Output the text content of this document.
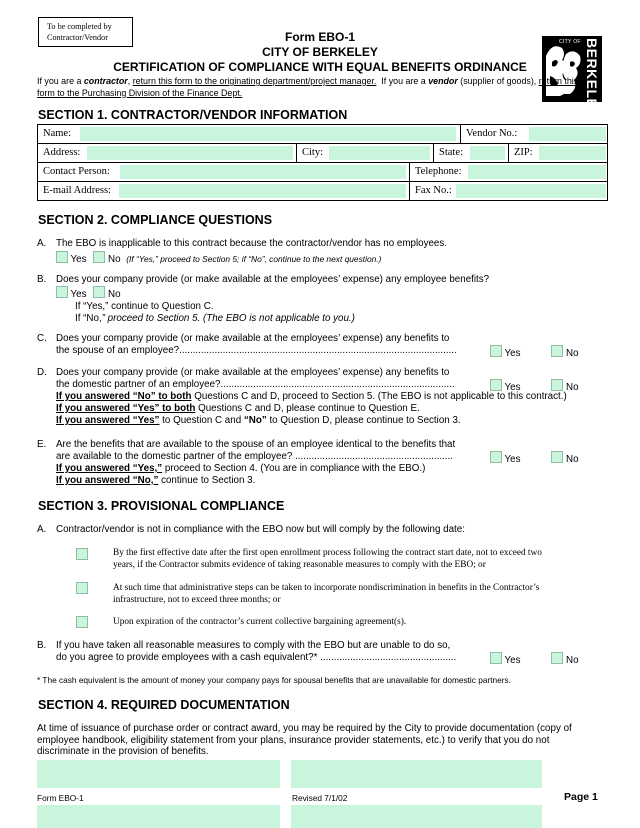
To be completed by
Contractor/Vendor	Form EBO-1
CITY OF BERKELEY
CERTIFICATION OF COMPLIANCE WITH EQUAL BENEFITS ORDINANCE
CITY OF BERKELEY
If you are a contractor, return this form to the originating department/project manager.  If you are a vendor (supplier of goods), return this form to the Purchasing Division of the Finance Dept.
SECTION 1. CONTRACTOR/VENDOR INFORMATION
Name:	Vendor No.:
Address:	City:	State:	ZIP:
Contact Person:	Telephone:
E-mail Address:	Fax No.:
SECTION 2. COMPLIANCE QUESTIONS
A. The EBO is inapplicable to this contract because the contractor/vendor has no employees.
Yes No (If “Yes,” proceed to Section 5; if “No”, continue to the next question.)
B. Does your company provide (or make available at the employees’ expense) any employee benefits?
Yes No
If “Yes,” continue to Question C.
If “No,” proceed to Section 5. (The EBO is not applicable to you.)
C. Does your company provide (or make available at the employees’ expense) any benefits to
the spouse of an employee?......................................................................................................	Yes	No
D. Does your company provide (or make available at the employees’ expense) any benefits to
the domestic partner of an employee?......................................................................................
If you answered “No” to both Questions C and D, proceed to Section 5. (The EBO is not applicable to this contract.)
If you answered “Yes” to both Questions C and D, please continue to Question E.
If you answered “Yes” to Question C and “No” to Question D, please continue to Section 3.
Yes	No
E. Are the benefits that are available to the spouse of an employee identical to the benefits that
are available to the domestic partner of the employee? ..........................................................
If you answered “Yes,” proceed to Section 4. (You are in compliance with the EBO.)
If you answered “No,” continue to Section 3.
Yes	No
SECTION 3. PROVISIONAL COMPLIANCE
A. Contractor/vendor is not in compliance with the EBO now but will comply by the following date:
By the first effective date after the first open enrollment process following the contract start date, not to exceed two
years, if the Contractor submits evidence of taking reasonable measures to comply with the EBO; or
At such time that administrative steps can be taken to incorporate nondiscrimination in benefits in the Contractor’s
infrastructure, not to exceed three months; or
Upon expiration of the contractor’s current collective bargaining agreement(s).
B. If you have taken all reasonable measures to comply with the EBO but are unable to do so,
do you agree to provide employees with a cash equivalent?* ..................................................	Yes	No
* The cash equivalent is the amount of money your company pays for spousal benefits that are unavailable for domestic partners.
SECTION 4. REQUIRED DOCUMENTATION
At time of issuance of purchase order or contract award, you may be required by the City to provide documentation (copy of
employee handbook, eligibility statement from your plans, insurance provider statements, etc.) to verify that you do not
discriminate in the provision of benefits.
Form EBO-1	Revised 7/1/02	Page 1
